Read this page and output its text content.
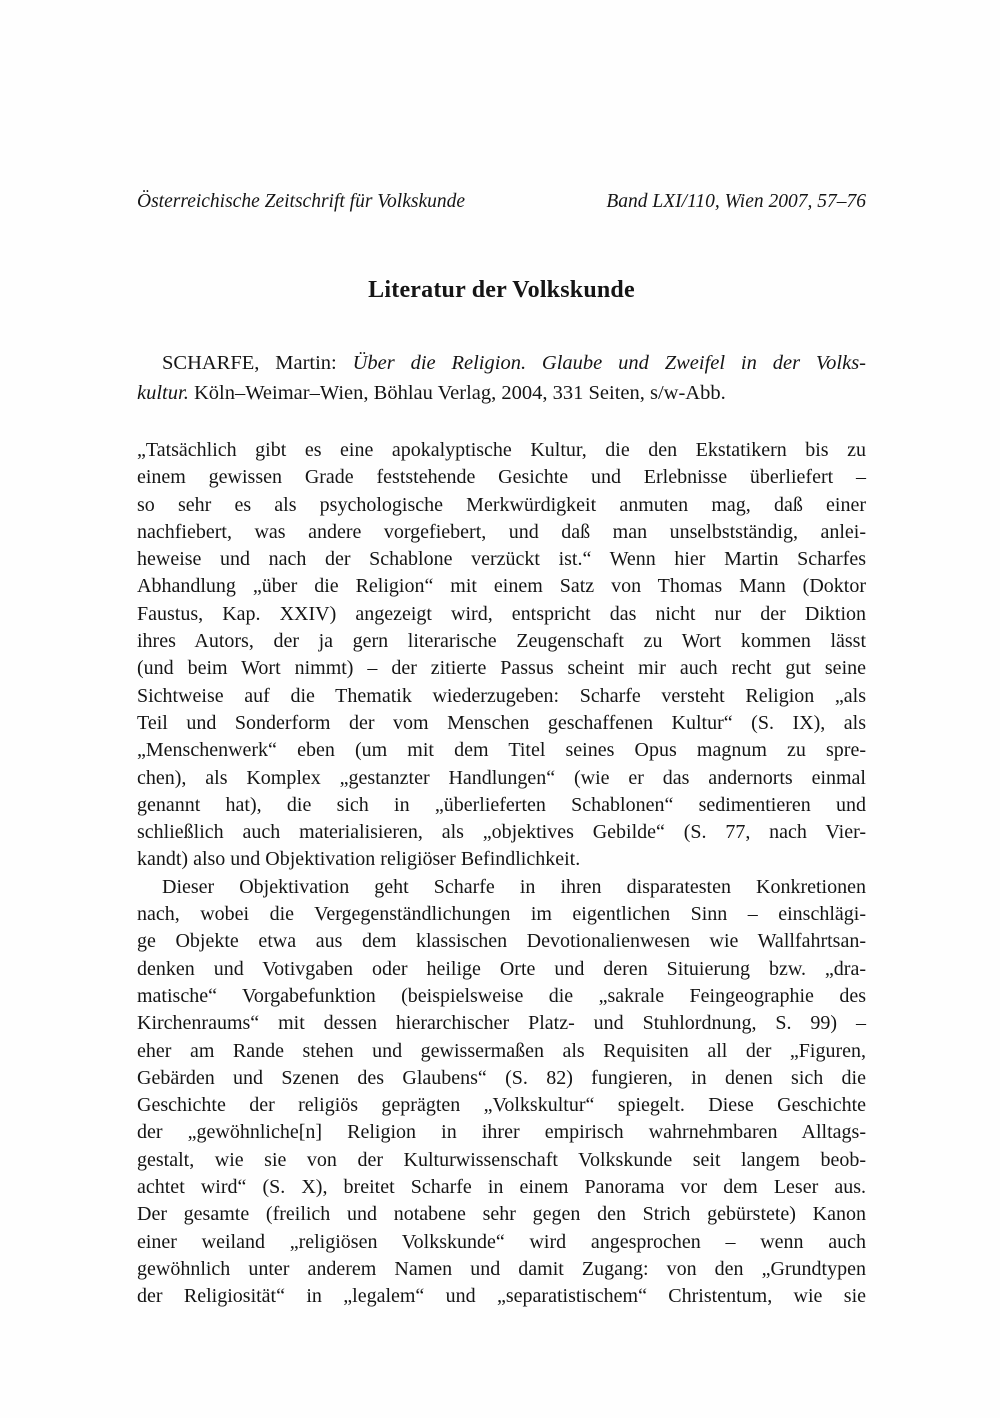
Österreichische Zeitschrift für Volkskunde	Band LXI/110, Wien 2007, 57–76
Literatur der Volkskunde
SCHARFE, Martin: Über die Religion. Glaube und Zweifel in der Volks-
kultur. Köln–Weimar–Wien, Böhlau Verlag, 2004, 331 Seiten, s/w-Abb.
„Tatsächlich gibt es eine apokalyptische Kultur, die den Ekstatikern bis zu
einem gewissen Grade feststehende Gesichte und Erlebnisse überliefert –
so sehr es als psychologische Merkwürdigkeit anmuten mag, daß einer
nachfiebert, was andere vorgefiebert, und daß man unselbstständig, anlei-
heweise und nach der Schablone verzückt ist.“ Wenn hier Martin Scharfes
Abhandlung „über die Religion“ mit einem Satz von Thomas Mann (Doktor
Faustus, Kap. XXIV) angezeigt wird, entspricht das nicht nur der Diktion
ihres Autors, der ja gern literarische Zeugenschaft zu Wort kommen lässt
(und beim Wort nimmt) – der zitierte Passus scheint mir auch recht gut seine
Sichtweise auf die Thematik wiederzugeben: Scharfe versteht Religion „als
Teil und Sonderform der vom Menschen geschaffenen Kultur“ (S. IX), als
„Menschenwerk“ eben (um mit dem Titel seines Opus magnum zu spre-
chen), als Komplex „gestanzter Handlungen“ (wie er das andernorts einmal
genannt hat), die sich in „überlieferten Schablonen“ sedimentieren und
schließlich auch materialisieren, als „objektives Gebilde“ (S. 77, nach Vier-
kandt) also und Objektivation religiöser Befindlichkeit.
Dieser Objektivation geht Scharfe in ihren disparatesten Konkretionen
nach, wobei die Vergegenständlichungen im eigentlichen Sinn – einschlägi-
ge Objekte etwa aus dem klassischen Devotionalienwesen wie Wallfahrtsan-
denken und Votivgaben oder heilige Orte und deren Situierung bzw. „dra-
matische“ Vorgabefunktion (beispielsweise die „sakrale Feingeographie des
Kirchenraums“ mit dessen hierarchischer Platz- und Stuhlordnung, S. 99) –
eher am Rande stehen und gewissermaßen als Requisiten all der „Figuren,
Gebärden und Szenen des Glaubens“ (S. 82) fungieren, in denen sich die
Geschichte der religiös geprägten „Volkskultur“ spiegelt. Diese Geschichte
der „gewöhnliche[n] Religion in ihrer empirisch wahrnehmbaren Alltags-
gestalt, wie sie von der Kulturwissenschaft Volkskunde seit langem beob-
achtet wird“ (S. X), breitet Scharfe in einem Panorama vor dem Leser aus.
Der gesamte (freilich und notabene sehr gegen den Strich gebürstete) Kanon
einer weiland „religiösen Volkskunde“ wird angesprochen – wenn auch
gewöhnlich unter anderem Namen und damit Zugang: von den „Grundtypen
der Religiosität“ in „legalem“ und „separatistischem“ Christentum, wie sie
